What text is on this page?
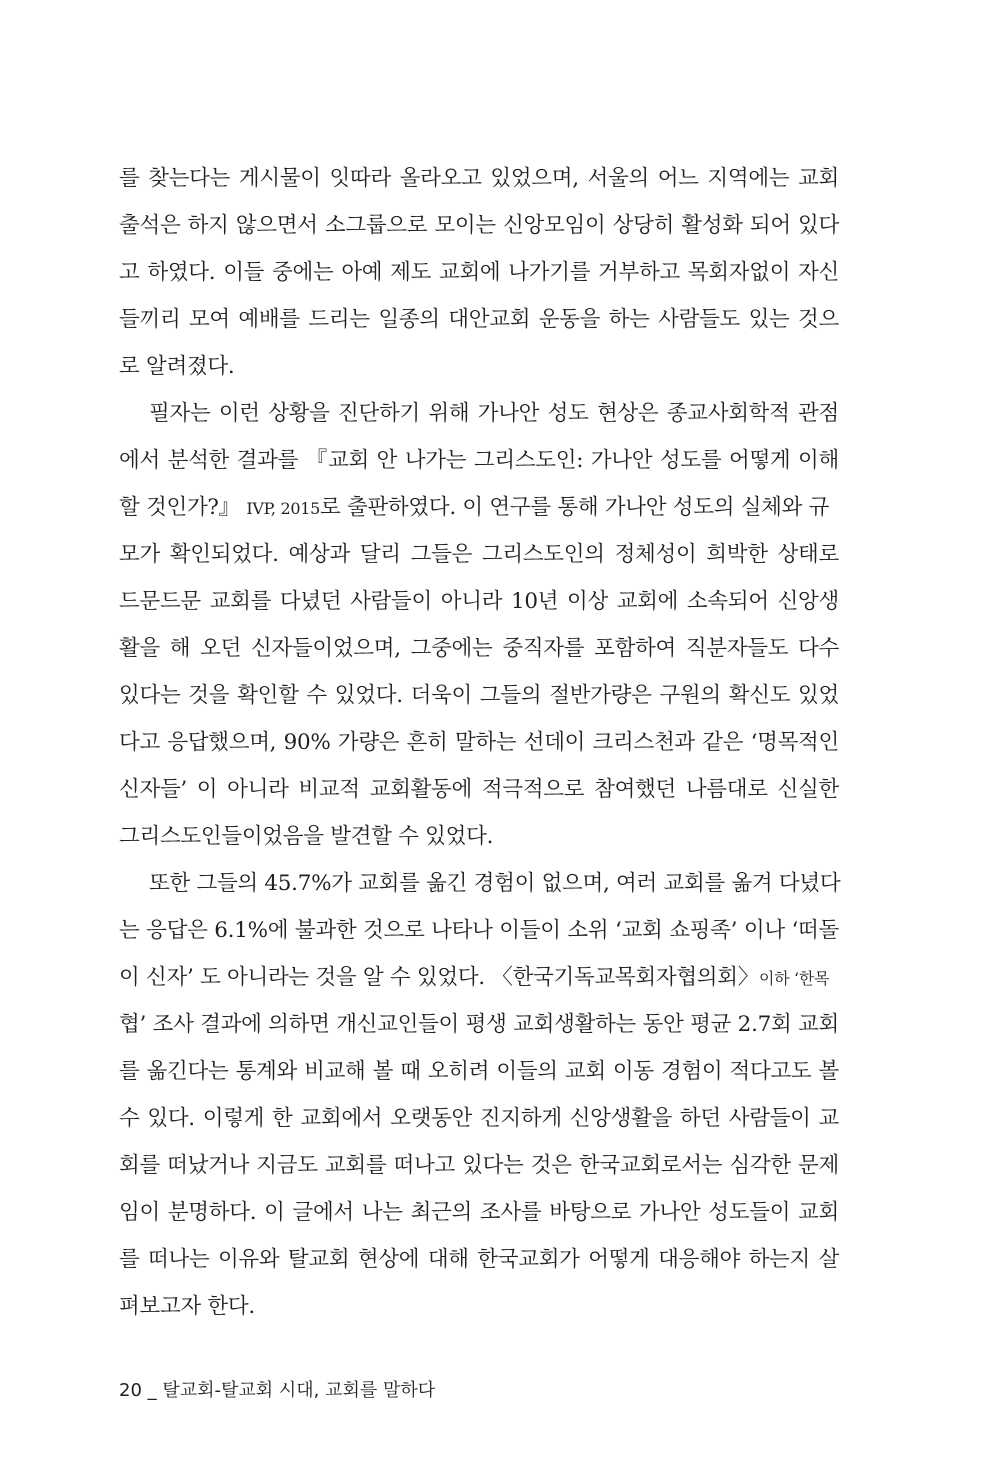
를 찾는다는 게시물이 잇따라 올라오고 있었으며, 서울의 어느 지역에는 교회
출석은 하지 않으면서 소그룹으로 모이는 신앙모임이 상당히 활성화 되어 있다
고 하였다. 이들 중에는 아예 제도 교회에 나가기를 거부하고 목회자없이 자신
들끼리 모여 예배를 드리는 일종의 대안교회 운동을 하는 사람들도 있는 것으
로 알려졌다.
필자는 이런 상황을 진단하기 위해 가나안 성도 현상은 종교사회학적 관점
에서 분석한 결과를 『교회 안 나가는 그리스도인: 가나안 성도를 어떻게 이해
할 것인가?』 IVP, 2015로 출판하였다. 이 연구를 통해 가나안 성도의 실체와 규
모가 확인되었다. 예상과 달리 그들은 그리스도인의 정체성이 희박한 상태로
드문드문 교회를 다녔던 사람들이 아니라 10년 이상 교회에 소속되어 신앙생
활을 해 오던 신자들이었으며, 그중에는 중직자를 포함하여 직분자들도 다수
있다는 것을 확인할 수 있었다. 더욱이 그들의 절반가량은 구원의 확신도 있었
다고 응답했으며, 90% 가량은 흔히 말하는 선데이 크리스천과 같은 ‘명목적인
신자들’ 이 아니라 비교적 교회활동에 적극적으로 참여했던 나름대로 신실한
그리스도인들이었음을 발견할 수 있었다.
또한 그들의 45.7%가 교회를 옮긴 경험이 없으며, 여러 교회를 옮겨 다녔다
는 응답은 6.1%에 불과한 것으로 나타나 이들이 소위 ‘교회 쇼핑족’ 이나 ‘떠돌
이 신자’ 도 아니라는 것을 알 수 있었다. 〈한국기독교목회자협의회〉이하 ‘한목
협’ 조사 결과에 의하면 개신교인들이 평생 교회생활하는 동안 평균 2.7회 교회
를 옮긴다는 통계와 비교해 볼 때 오히려 이들의 교회 이동 경험이 적다고도 볼
수 있다. 이렇게 한 교회에서 오랫동안 진지하게 신앙생활을 하던 사람들이 교
회를 떠났거나 지금도 교회를 떠나고 있다는 것은 한국교회로서는 심각한 문제
임이 분명하다. 이 글에서 나는 최근의 조사를 바탕으로 가나안 성도들이 교회
를 떠나는 이유와 탈교회 현상에 대해 한국교회가 어떻게 대응해야 하는지 살
펴보고자 한다.
20 _ 탈교회-탈교회 시대, 교회를 말하다
